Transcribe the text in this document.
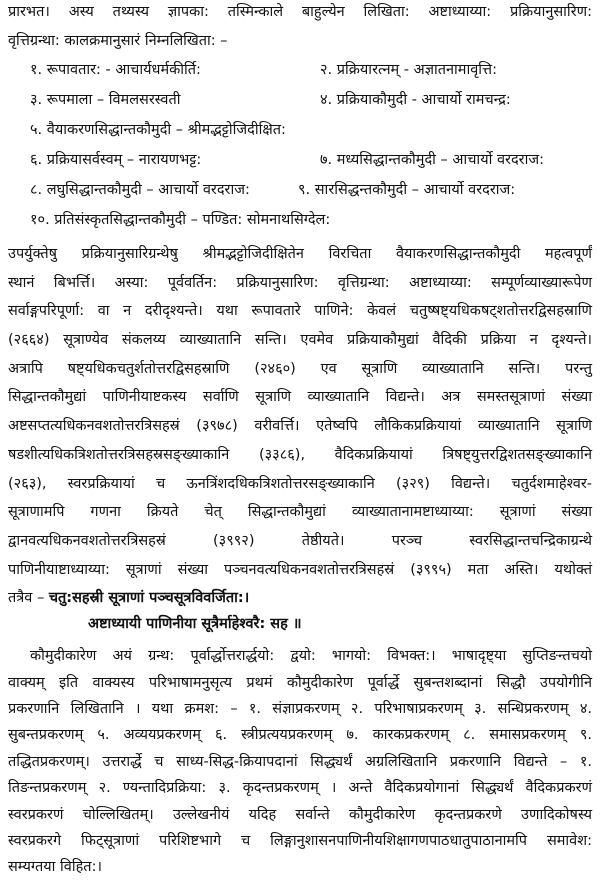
प्रारभत। अस्य तथ्यस्य ज्ञापका: तस्मिन्काले बाहुल्येन लिखिता: अष्टाध्याय्या: प्रक्रियानुसारिण:
वृत्तिग्रन्था: कालक्रमानुसारं निम्नलिखिता: –
१. रूपावतार: - आचार्यधर्मकीर्ति:	२. प्रक्रियारत्नम् - अज्ञातनामावृत्ति:
३. रूपमाला – विमलसरस्वती	४. प्रक्रियाकौमुदी - आचार्यो रामचन्द्र:
५. वैयाकरणसिद्धान्तकौमुदी – श्रीमद्भट्टोजिदीक्षित:
६. प्रक्रियासर्वस्वम् – नारायणभट्ट:	७. मध्यसिद्धान्तकौमुदी – आचार्यो वरदराज:
८. लघुसिद्धान्तकौमुदी – आचार्यो वरदराज:	९. सारसिद्धन्तकौमुदी – आचार्यो वरदराज:
१०. प्रतिसंस्कृतसिद्धान्तकौमुदी – पण्डित: सोमनाथसिग्देल:
उपर्युक्तेषु प्रक्रियानुसारिग्रन्थेषु श्रीमद्भट्टोजिदीक्षितेन विरचिता वैयाकरणसिद्धान्तकौमुदी महत्वपूर्णं
स्थानं बिभर्त्ति। अस्या: पूर्ववर्तिन: प्रक्रियानुसारिण: वृत्तिग्रन्था: अष्टाध्याय्या: सम्पूर्णव्याख्यारूपेण
सर्वाङ्गपरिपूर्णा: वा न दरीदृश्यन्ते। यथा रूपावतारे पाणिने: केवलं चतुष्षष्ट्यधिकषट्शतोत्तरद्विसहस्राणि
(२६६४) सूत्राण्येव संकलय्य व्याख्यातानि सन्ति। एवमेव प्रक्रियाकौमुद्यां वैदिकी प्रक्रिया न दृश्यन्ते।
अत्रापि षष्ट्यधिकचतुर्शतोत्तरद्विसहस्राणि (२४६०) एव सूत्राणि व्याख्यातानि सन्ति। परन्तु
सिद्धान्तकौमुद्यां पाणिनीयाष्टकस्य सर्वाणि सूत्राणि व्याख्यातानि विद्यन्ते। अत्र समस्तसूत्राणां संख्या
अष्टसप्तत्यधिकनवशतोत्तरत्रिसहस्रं (३९७८) वरीवर्त्ति। एतेष्वपि लौकिकप्रक्रियायां व्याख्यातानि सूत्राणि
षडशीत्यधिकत्रिशतोत्तरत्रिसहस्रसङ्ख्याकानि (३३८६), वैदिकप्रक्रियायां त्रिषष्ट्युत्तरद्विशतसङ्ख्याकानि
(२६३), स्वरप्रक्रियायां च ऊनत्रिंशदधिकत्रिशतोत्तरसङ्ख्याकानि (३२९) विद्यन्ते। चतुर्दशमाहेश्वर-
सूत्राणामपि गणना क्रियते चेत् सिद्धान्तकौमुद्यां व्याख्यातानामष्टाध्याय्या: सूत्राणां संख्या
द्वानवत्यधिकनवशतोत्तरत्रिसहस्रं (३९९२) तेष्ठीयते। परञ्च स्वरसिद्धान्तचन्द्रिकाग्रन्थे
पाणिनीयाष्टाध्याय्या: सूत्राणां संख्या पञ्चनवत्यधिकनवशतोत्तरत्रिसहस्रं (३९९५) मता अस्ति। यथोक्तं
तत्रैव – चतु:सहस्री सूत्राणां पञ्चसूत्रविवर्जिता:।
अष्टाध्यायी पाणिनीया सूत्रैर्माहेश्वरै: सह ॥
कौमुदीकारेण अयं ग्रन्थ: पूर्वार्द्धोत्तरार्द्धयो: द्वयो: भागयो: विभक्त:। भाषादृष्ट्या सुप्तिङन्तचयो
वाक्यम् इति वाक्यस्य परिभाषामनुसृत्य प्रथमं कौमुदीकारेण पूर्वार्द्धे सुबन्तशब्दानां सिद्धौ उपयोगीनि
प्रकरणानि लिखितानि । यथा क्रमश: – १. संज्ञाप्रकरणम् २. परिभाषाप्रकरणम् ३. सन्धिप्रकरणम् ४.
सुबन्तप्रकरणम् ५. अव्ययप्रकरणम् ६. स्त्रीप्रत्ययप्रकरणम् ७. कारकप्रकरणम् ८. समासप्रकरणम् ९.
तद्धितप्रकरणम्। उत्तरार्द्धे च साध्य-सिद्ध-क्रियापदानां सिद्ध्यर्थं अग्रलिखितानि प्रकरणानि विद्यन्ते – १.
तिङन्तप्रकरणम् २. ण्यन्तादिप्रक्रिया: ३. कृदन्तप्रकरणम् । अन्ते वैदिकप्रयोगानां सिद्ध्यर्थं वैदिकप्रकरणं
स्वरप्रकरणं चोल्लिखितम्। उल्लेखनीयं यदिह सर्वान्ते कौमुदीकारेण कृदन्तप्रकरणे उणादिकोषस्य
स्वरप्रकरगे फिट्सूत्राणां परिशिष्टभागे च लिङ्गानुशासनपाणिनीयशिक्षागणपाठधातुपाठानामपि समावेश:
सम्यग्तया विहित:।
